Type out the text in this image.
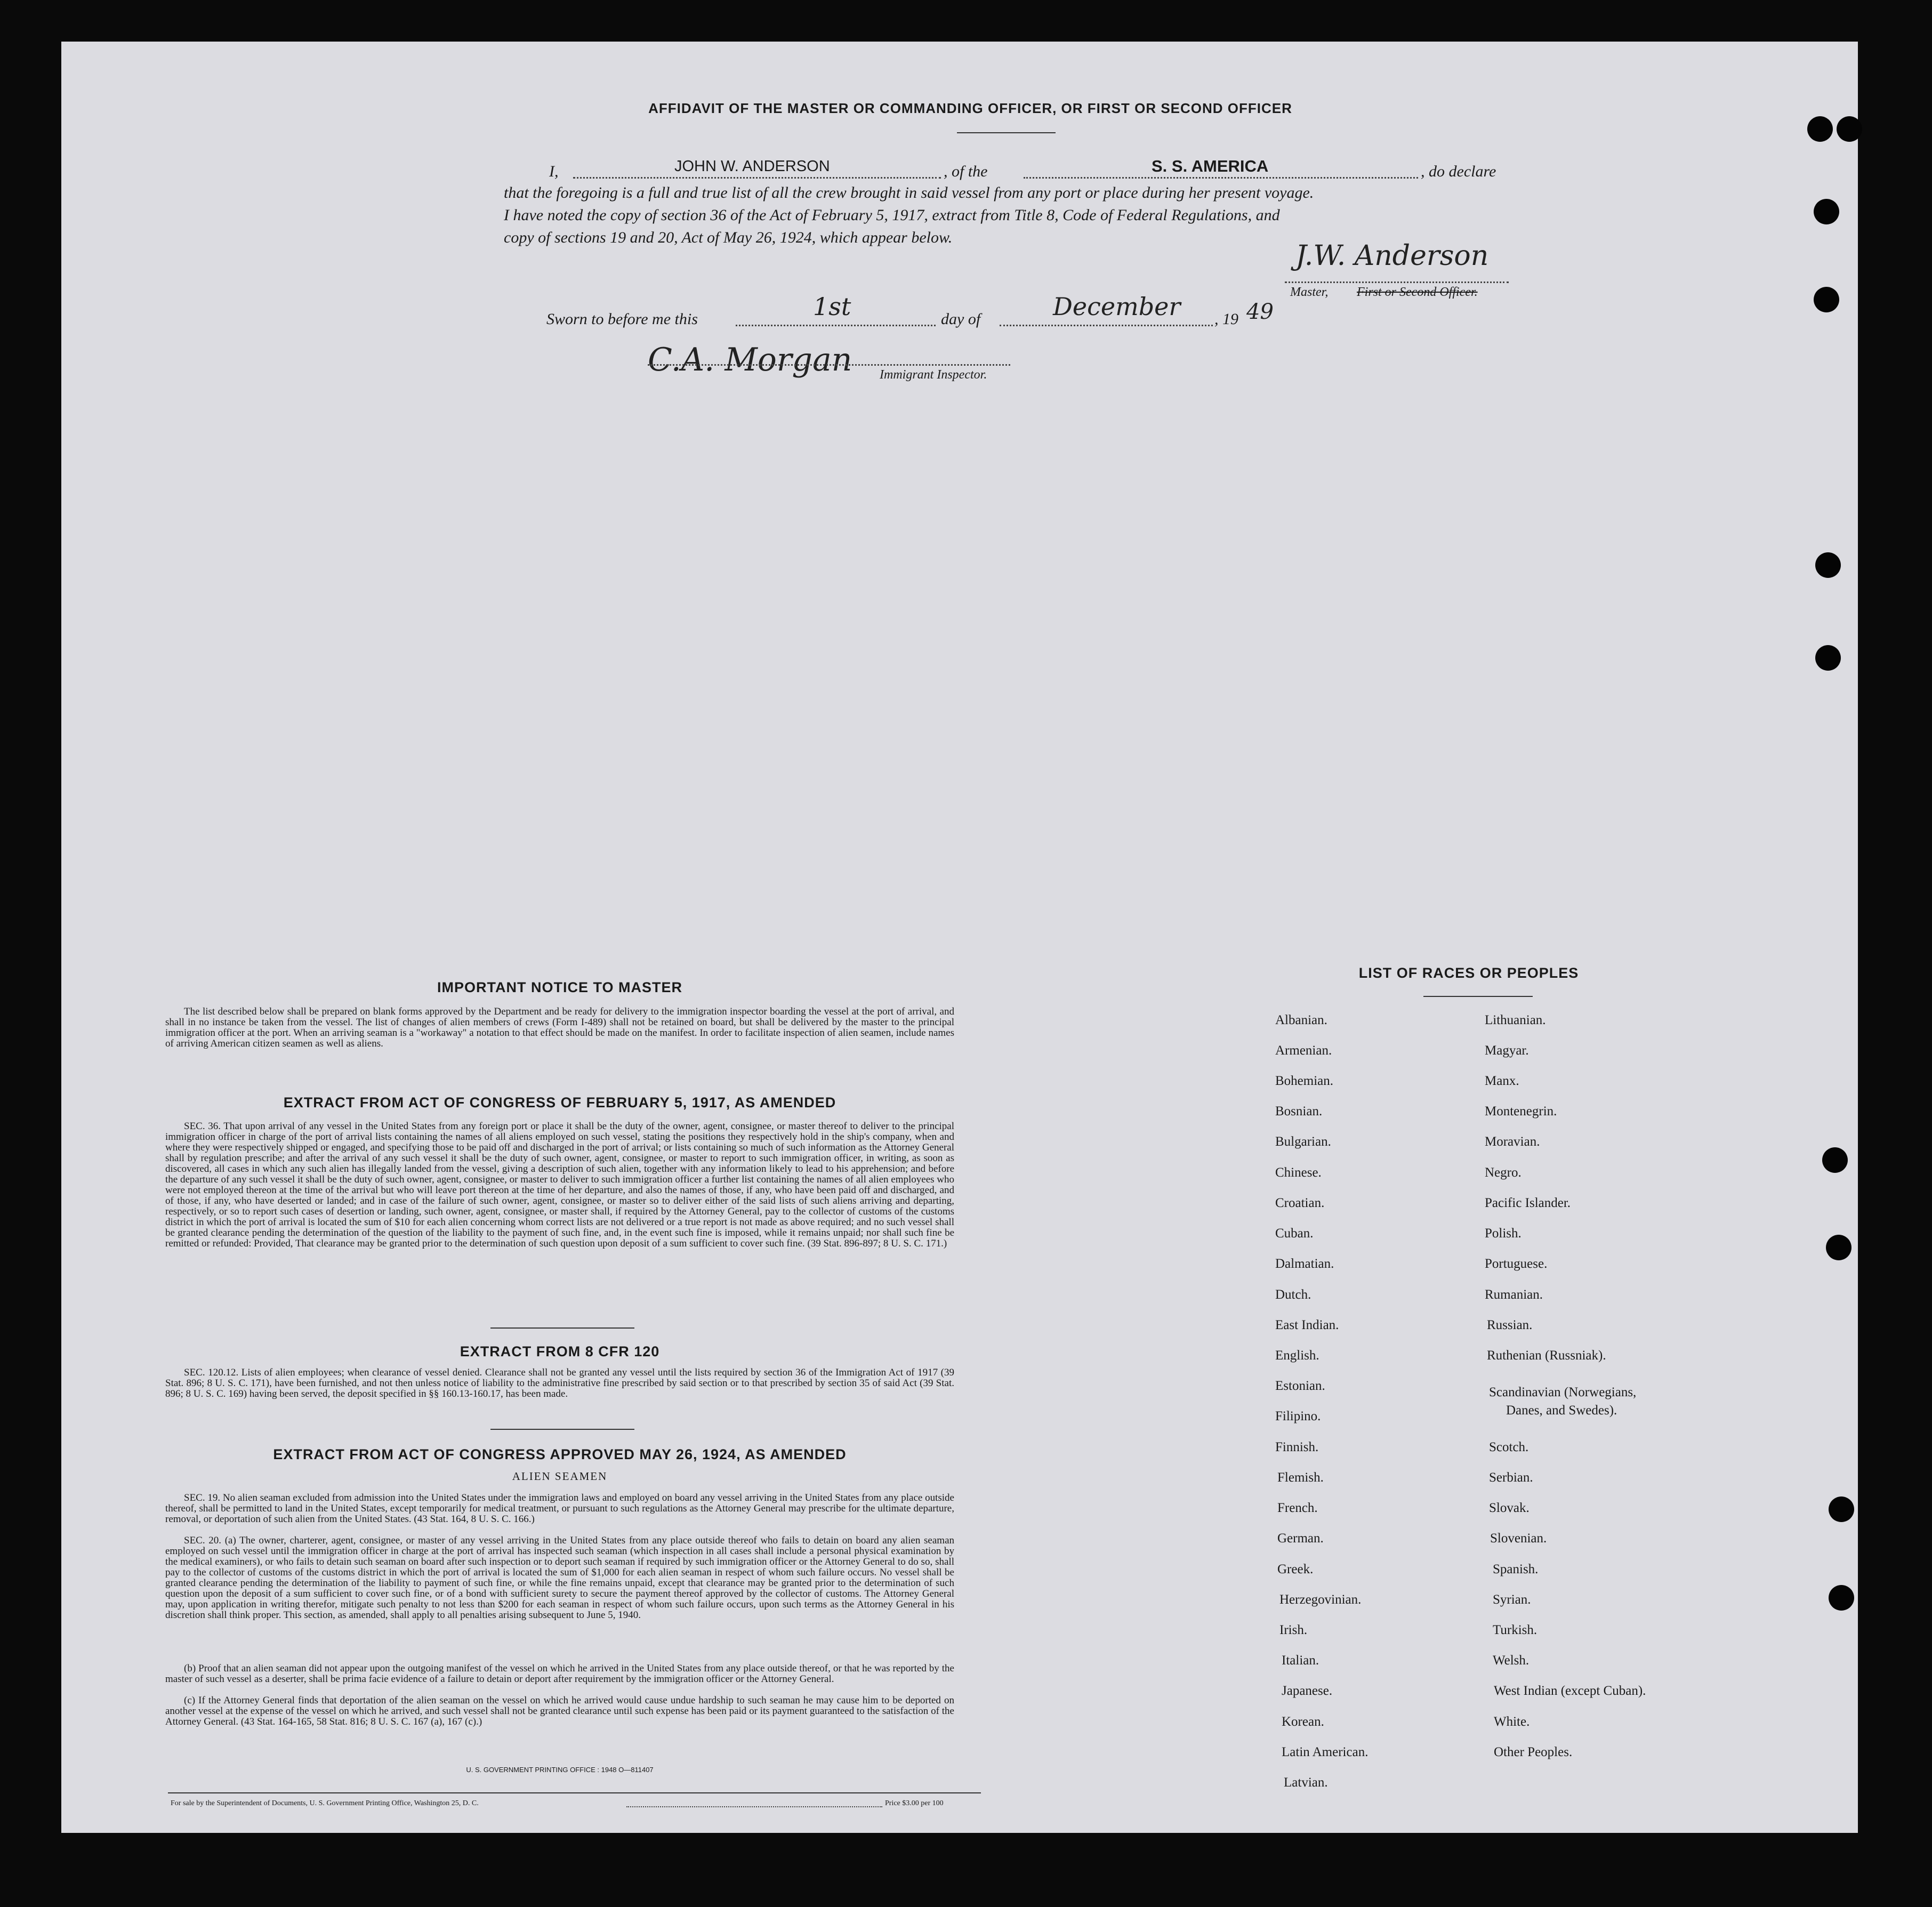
AFFIDAVIT OF THE MASTER OR COMMANDING OFFICER, OR FIRST OR SECOND OFFICER
I,	JOHN W. ANDERSON	, of the	S. S. AMERICA	, do declare
that the foregoing is a full and true list of all the crew brought in said vessel from any port or place during her present voyage.
I have noted the copy of section 36 of the Act of February 5, 1917, extract from Title 8, Code of Federal Regulations, and
copy of sections 19 and 20, Act of May 26, 1924, which appear below.
J.W. Anderson
Master, First or Second Officer.
Sworn to before me this	1st	day of	December , 19 49
C.A. Morgan Immigrant Inspector.
IMPORTANT NOTICE TO MASTER
The list described below shall be prepared on blank forms approved by the Department and be ready for delivery to the immigration inspector boarding the vessel at the port of arrival, and shall in no instance be taken from the vessel. The list of changes of alien members of crews (Form I-489) shall not be retained on board, but shall be delivered by the master to the principal immigration officer at the port. When an arriving seaman is a "workaway" a notation to that effect should be made on the manifest. In order to facilitate inspection of alien seamen, include names of arriving American citizen seamen as well as aliens.
EXTRACT FROM ACT OF CONGRESS OF FEBRUARY 5, 1917, AS AMENDED
SEC. 36. That upon arrival of any vessel in the United States from any foreign port or place it shall be the duty of the owner, agent, consignee, or master thereof to deliver to the principal immigration officer in charge of the port of arrival lists containing the names of all aliens employed on such vessel, stating the positions they respectively hold in the ship's company, when and where they were respectively shipped or engaged, and specifying those to be paid off and discharged in the port of arrival; or lists containing so much of such information as the Attorney General shall by regulation prescribe; and after the arrival of any such vessel it shall be the duty of such owner, agent, consignee, or master to report to such immigration officer, in writing, as soon as discovered, all cases in which any such alien has illegally landed from the vessel, giving a description of such alien, together with any information likely to lead to his apprehension; and before the departure of any such vessel it shall be the duty of such owner, agent, consignee, or master to deliver to such immigration officer a further list containing the names of all alien employees who were not employed thereon at the time of the arrival but who will leave port thereon at the time of her departure, and also the names of those, if any, who have been paid off and discharged, and of those, if any, who have deserted or landed; and in case of the failure of such owner, agent, consignee, or master so to deliver either of the said lists of such aliens arriving and departing, respectively, or so to report such cases of desertion or landing, such owner, agent, consignee, or master shall, if required by the Attorney General, pay to the collector of customs of the customs district in which the port of arrival is located the sum of $10 for each alien concerning whom correct lists are not delivered or a true report is not made as above required; and no such vessel shall be granted clearance pending the determination of the question of the liability to the payment of such fine, and, in the event such fine is imposed, while it remains unpaid; nor shall such fine be remitted or refunded: Provided, That clearance may be granted prior to the determination of such question upon deposit of a sum sufficient to cover such fine. (39 Stat. 896-897; 8 U. S. C. 171.)
EXTRACT FROM 8 CFR 120
SEC. 120.12. Lists of alien employees; when clearance of vessel denied. Clearance shall not be granted any vessel until the lists required by section 36 of the Immigration Act of 1917 (39 Stat. 896; 8 U. S. C. 171), have been furnished, and not then unless notice of liability to the administrative fine prescribed by said section or to that prescribed by section 35 of said Act (39 Stat. 896; 8 U. S. C. 169) having been served, the deposit specified in §§ 160.13-160.17, has been made.
EXTRACT FROM ACT OF CONGRESS APPROVED MAY 26, 1924, AS AMENDED
ALIEN SEAMEN
SEC. 19. No alien seaman excluded from admission into the United States under the immigration laws and employed on board any vessel arriving in the United States from any place outside thereof, shall be permitted to land in the United States, except temporarily for medical treatment, or pursuant to such regulations as the Attorney General may prescribe for the ultimate departure, removal, or deportation of such alien from the United States. (43 Stat. 164, 8 U. S. C. 166.)
SEC. 20. (a) The owner, charterer, agent, consignee, or master of any vessel arriving in the United States from any place outside thereof who fails to detain on board any alien seaman employed on such vessel until the immigration officer in charge at the port of arrival has inspected such seaman (which inspection in all cases shall include a personal physical examination by the medical examiners), or who fails to detain such seaman on board after such inspection or to deport such seaman if required by such immigration officer or the Attorney General to do so, shall pay to the collector of customs of the customs district in which the port of arrival is located the sum of $1,000 for each alien seaman in respect of whom such failure occurs. No vessel shall be granted clearance pending the determination of the liability to payment of such fine, or while the fine remains unpaid, except that clearance may be granted prior to the determination of such question upon the deposit of a sum sufficient to cover such fine, or of a bond with sufficient surety to secure the payment thereof approved by the collector of customs. The Attorney General may, upon application in writing therefor, mitigate such penalty to not less than $200 for each seaman in respect of whom such failure occurs, upon such terms as the Attorney General in his discretion shall think proper. This section, as amended, shall apply to all penalties arising subsequent to June 5, 1940.
(b) Proof that an alien seaman did not appear upon the outgoing manifest of the vessel on which he arrived in the United States from any place outside thereof, or that he was reported by the master of such vessel as a deserter, shall be prima facie evidence of a failure to detain or deport after requirement by the immigration officer or the Attorney General.
(c) If the Attorney General finds that deportation of the alien seaman on the vessel on which he arrived would cause undue hardship to such seaman he may cause him to be deported on another vessel at the expense of the vessel on which he arrived, and such vessel shall not be granted clearance until such expense has been paid or its payment guaranteed to the satisfaction of the Attorney General. (43 Stat. 164-165, 58 Stat. 816; 8 U. S. C. 167 (a), 167 (c).)
U. S. GOVERNMENT PRINTING OFFICE : 1948 O—811407
For sale by the Superintendent of Documents, U. S. Government Printing Office, Washington 25, D. C.	Price $3.00 per 100
LIST OF RACES OR PEOPLES
Albanian.
Armenian.
Bohemian.
Bosnian.
Bulgarian.
Chinese.
Croatian.
Cuban.
Dalmatian.
Dutch.
East Indian.
English.
Estonian.
Filipino.
Finnish.
Flemish.
French.
German.
Greek.
Herzegovinian.
Irish.
Italian.
Japanese.
Korean.
Latin American.
Latvian.
Lithuanian.
Magyar.
Manx.
Montenegrin.
Moravian.
Negro.
Pacific Islander.
Polish.
Portuguese.
Rumanian.
Russian.
Ruthenian (Russniak).
Scandinavian (Norwegians,
Danes, and Swedes).
Scotch.
Serbian.
Slovak.
Slovenian.
Spanish.
Syrian.
Turkish.
Welsh.
West Indian (except Cuban).
White.
Other Peoples.
